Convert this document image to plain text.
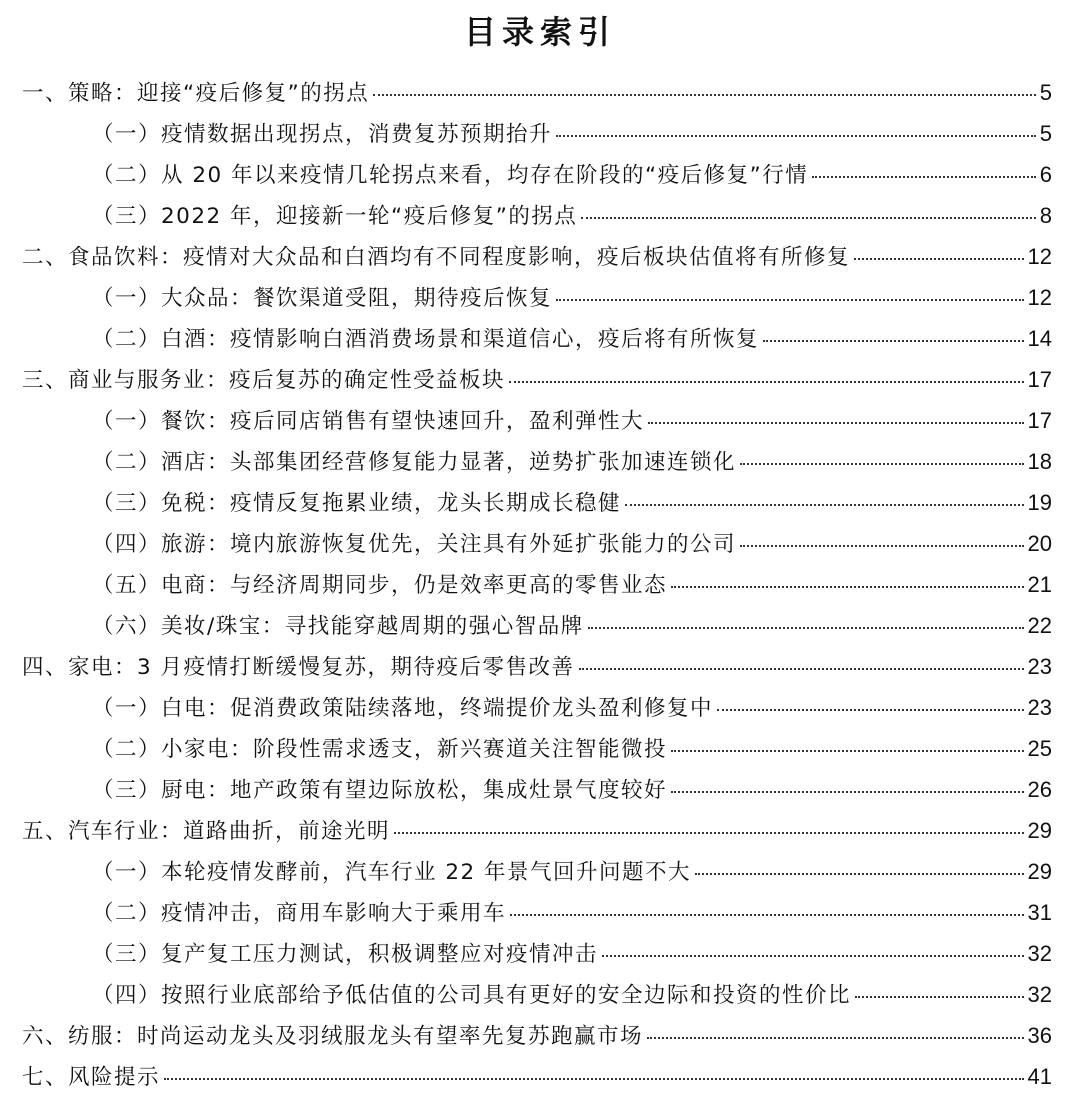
目录索引
一、策略：迎接“疫后修复”的拐点	5
（一）疫情数据出现拐点，消费复苏预期抬升	5
（二）从 20 年以来疫情几轮拐点来看，均存在阶段的“疫后修复”行情	6
（三）2022 年，迎接新一轮“疫后修复”的拐点	8
二、食品饮料：疫情对大众品和白酒均有不同程度影响，疫后板块估值将有所修复	12
（一）大众品：餐饮渠道受阻，期待疫后恢复	12
（二）白酒：疫情影响白酒消费场景和渠道信心，疫后将有所恢复	14
三、商业与服务业：疫后复苏的确定性受益板块	17
（一）餐饮：疫后同店销售有望快速回升，盈利弹性大	17
（二）酒店：头部集团经营修复能力显著，逆势扩张加速连锁化	18
（三）免税：疫情反复拖累业绩，龙头长期成长稳健	19
（四）旅游：境内旅游恢复优先，关注具有外延扩张能力的公司	20
（五）电商：与经济周期同步，仍是效率更高的零售业态	21
（六）美妆/珠宝：寻找能穿越周期的强心智品牌	22
四、家电：3 月疫情打断缓慢复苏，期待疫后零售改善	23
（一）白电：促消费政策陆续落地，终端提价龙头盈利修复中	23
（二）小家电：阶段性需求透支，新兴赛道关注智能微投	25
（三）厨电：地产政策有望边际放松，集成灶景气度较好	26
五、汽车行业：道路曲折，前途光明	29
（一）本轮疫情发酵前，汽车行业 22 年景气回升问题不大	29
（二）疫情冲击，商用车影响大于乘用车	31
（三）复产复工压力测试，积极调整应对疫情冲击	32
（四）按照行业底部给予低估值的公司具有更好的安全边际和投资的性价比	32
六、纺服：时尚运动龙头及羽绒服龙头有望率先复苏跑赢市场	36
七、风险提示	41
